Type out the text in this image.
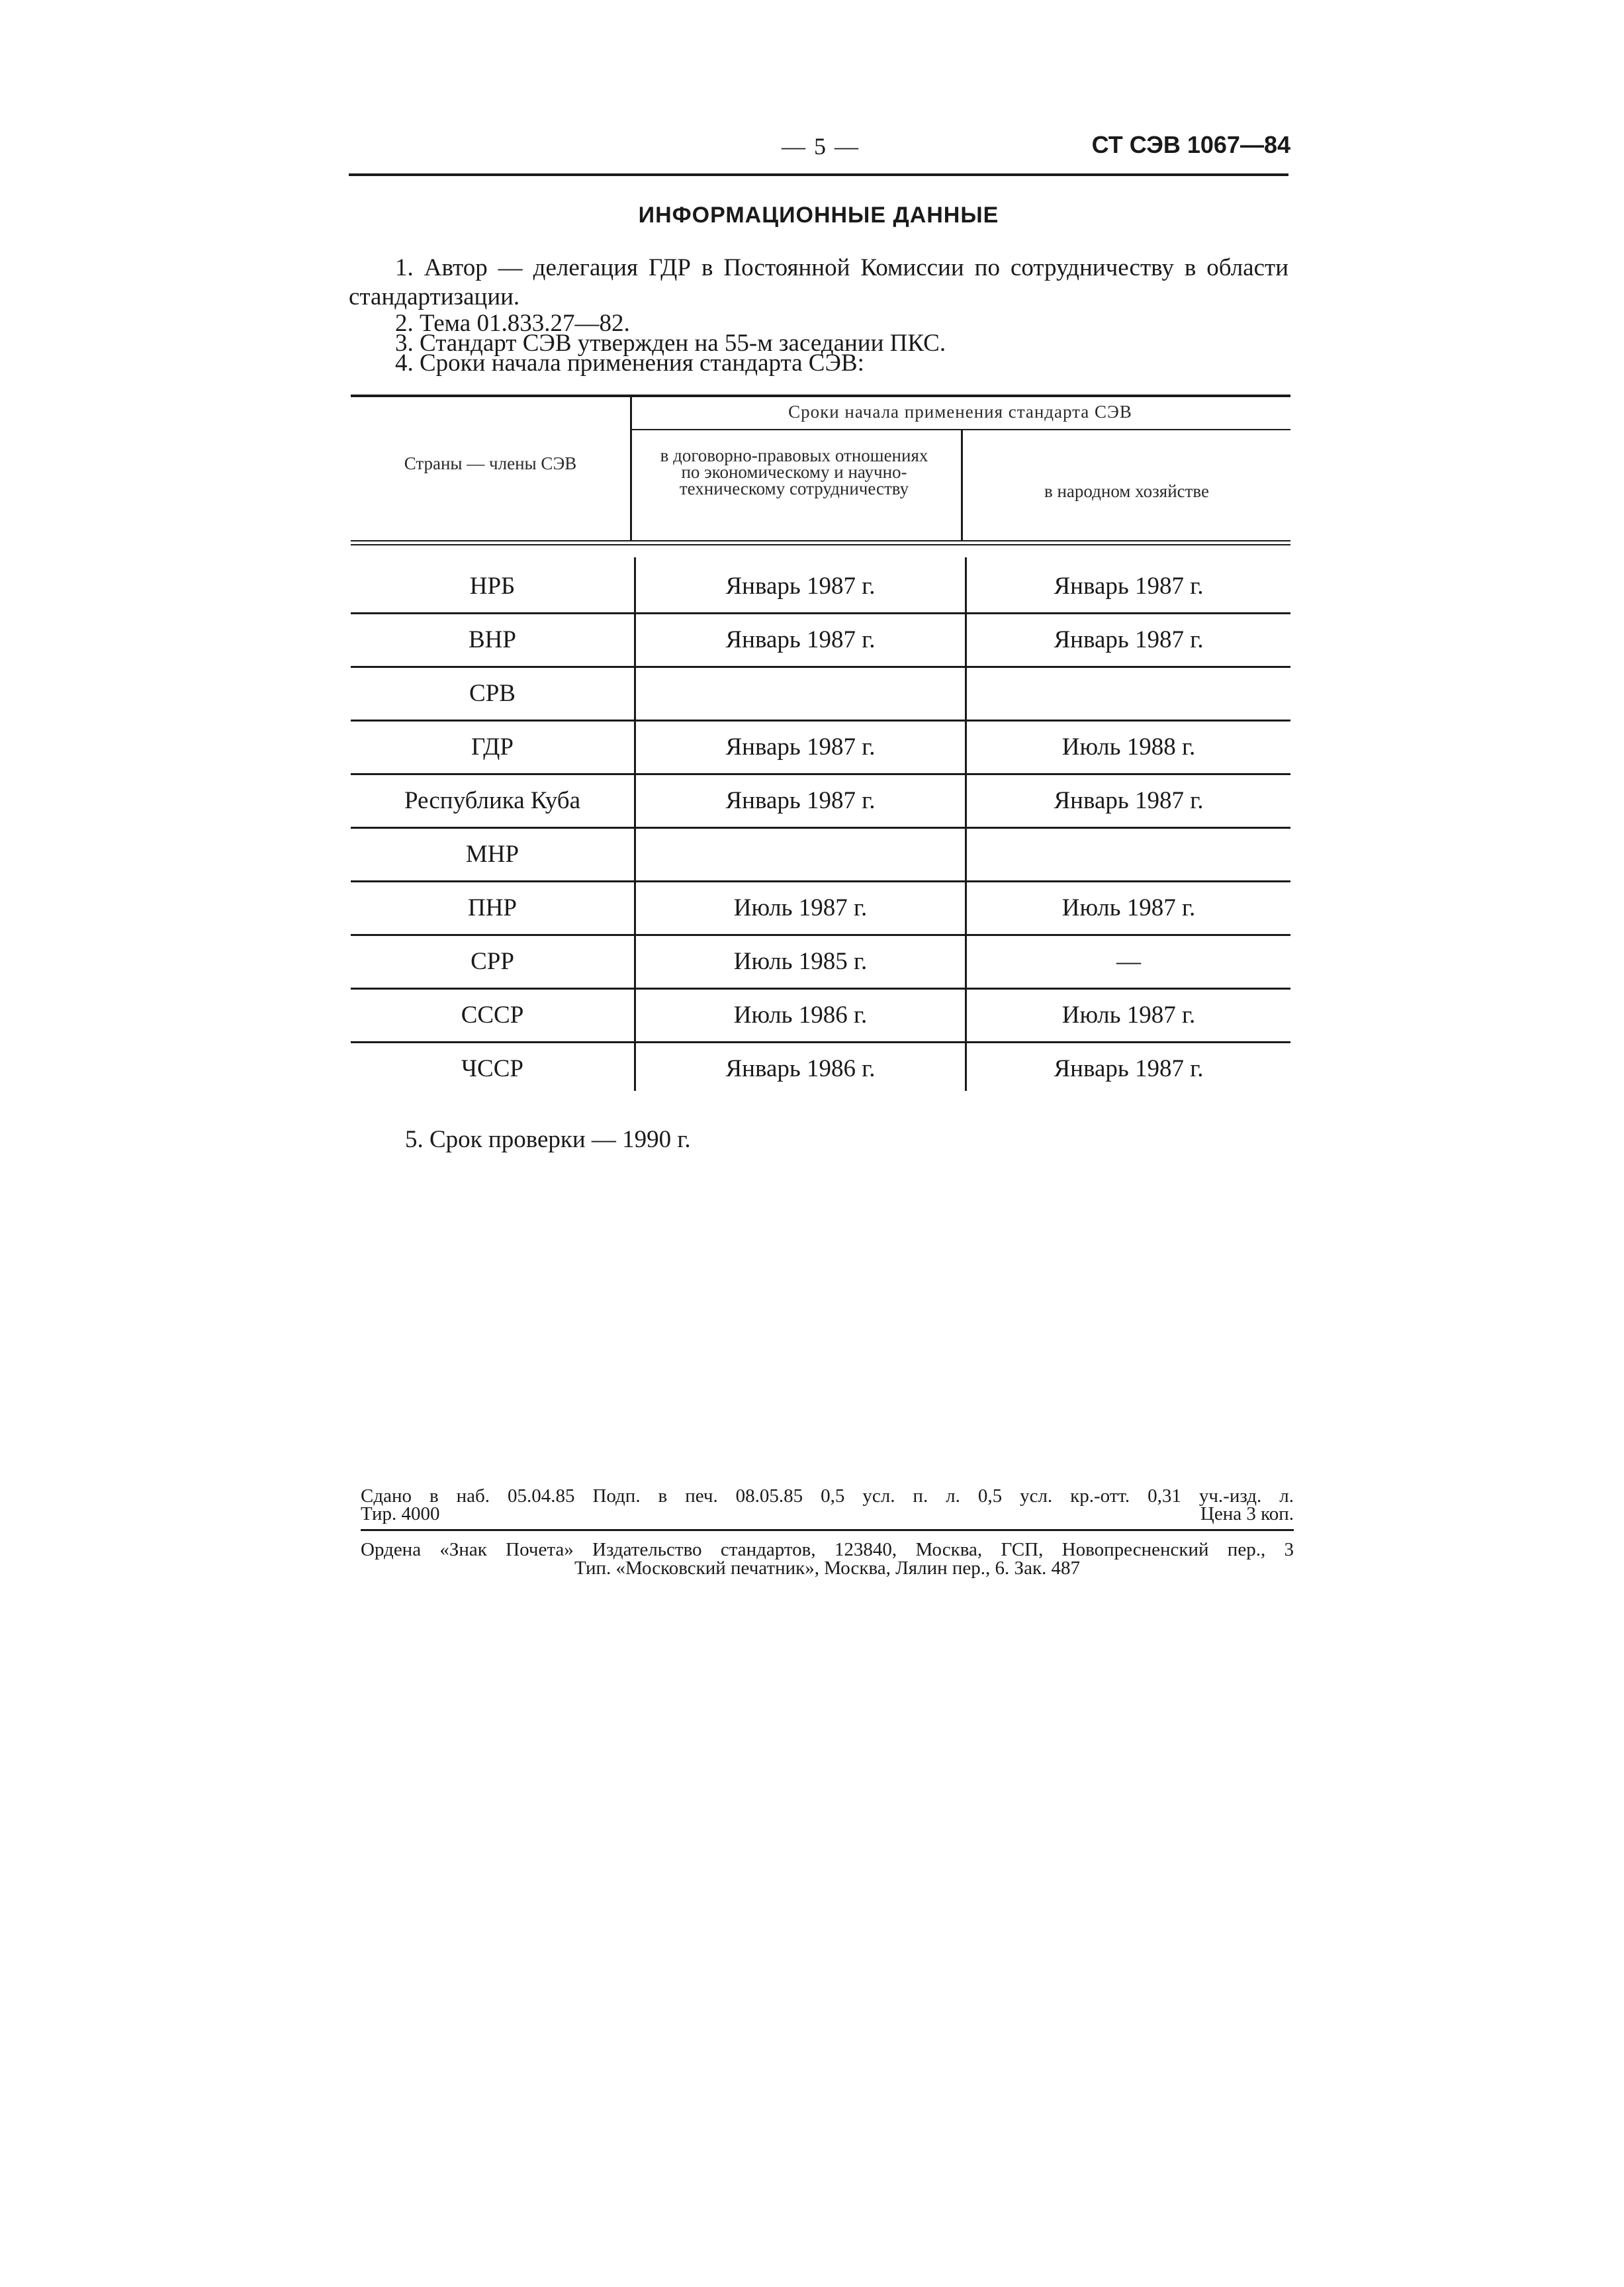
— 5 —	СТ СЭВ 1067—84
ИНФОРМАЦИОННЫЕ ДАННЫЕ
1. Автор — делегация ГДР в Постоянной Комиссии по сотрудничеству в области стандартизации.
2. Тема 01.833.27—82.
3. Стандарт СЭВ утвержден на 55-м заседании ПКС.
4. Сроки начала применения стандарта СЭВ:
Страны — члены СЭВ
Сроки начала применения стандарта СЭВ
в договорно-правовых отношениях по экономическому и научно-техническому сотрудничеству	в народном хозяйстве
НРБ	Январь 1987 г.	Январь 1987 г.
ВНР	Январь 1987 г.	Январь 1987 г.
СРВ
ГДР	Январь 1987 г.	Июль 1988 г.
Республика Куба	Январь 1987 г.	Январь 1987 г.
МНР
ПНР	Июль 1987 г.	Июль 1987 г.
СРР	Июль 1985 г.	—
СССР	Июль 1986 г.	Июль 1987 г.
ЧССР	Январь 1986 г.	Январь 1987 г.
5. Срок проверки — 1990 г.
Сдано в наб. 05.04.85 Подп. в печ. 08.05.85 0,5 усл. п. л. 0,5 усл. кр.-отт. 0,31 уч.-изд. л.
Тир. 4000	Цена 3 коп.
Ордена «Знак Почета» Издательство стандартов, 123840, Москва, ГСП, Новопресненский пер., 3
Тип. «Московский печатник», Москва, Лялин пер., 6. Зак. 487
